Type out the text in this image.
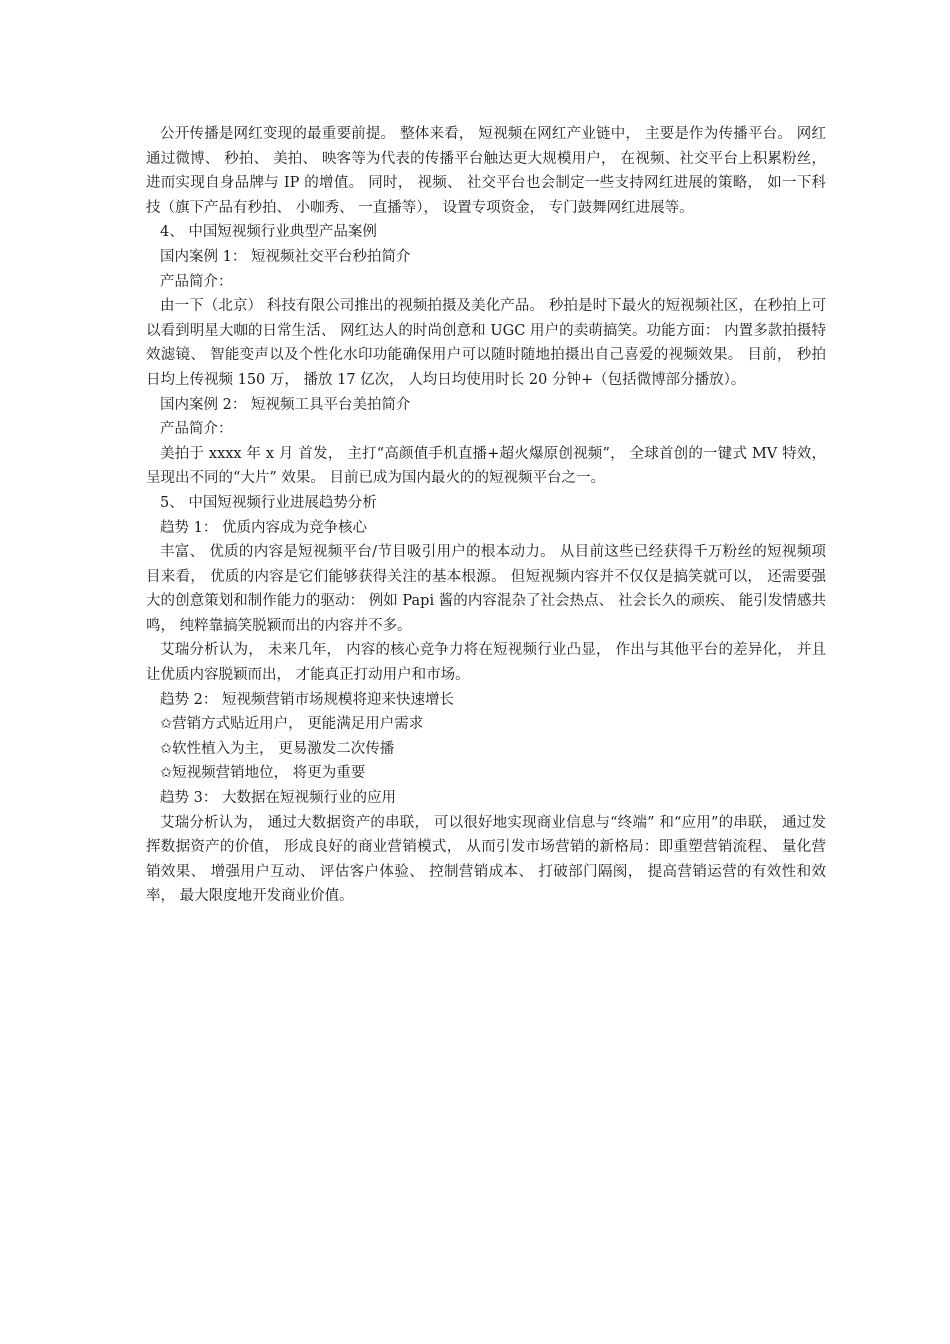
公开传播是网红变现的最重要前提。 整体来看， 短视频在网红产业链中， 主要是作为传播平台。 网红通过微博、 秒拍、 美拍、 映客等为代表的传播平台触达更大规模用户， 在视频、社交平台上积累粉丝， 进而实现自身品牌与 IP 的增值。 同时， 视频、 社交平台也会制定一些支持网红进展的策略， 如一下科技（旗下产品有秒拍、 小咖秀、 一直播等）， 设置专项资金， 专门鼓舞网红进展等。

4、 中国短视频行业典型产品案例

国内案例 1： 短视频社交平台秒拍简介

产品简介：

由一下（北京） 科技有限公司推出的视频拍摄及美化产品。 秒拍是时下最火的短视频社区，在秒拍上可以看到明星大咖的日常生活、 网红达人的时尚创意和 UGC 用户的卖萌搞笑。功能方面： 内置多款拍摄特效滤镜、 智能变声以及个性化水印功能确保用户可以随时随地拍摄出自己喜爱的视频效果。 目前， 秒拍日均上传视频 150 万， 播放 17 亿次， 人均日均使用时长 20 分钟+（包括微博部分播放）。

国内案例 2： 短视频工具平台美拍简介

产品简介：

美拍于 xxxx 年 x 月 首发， 主打“高颜值手机直播+超火爆原创视频”， 全球首创的一键式 MV 特效， 呈现出不同的“大片” 效果。 目前已成为国内最火的的短视频平台之一。

5、 中国短视频行业进展趋势分析

趋势 1： 优质内容成为竞争核心

丰富、 优质的内容是短视频平台/节目吸引用户的根本动力。 从目前这些已经获得千万粉丝的短视频项目来看， 优质的内容是它们能够获得关注的基本根源。 但短视频内容并不仅仅是搞笑就可以， 还需要强大的创意策划和制作能力的驱动： 例如 Papi 酱的内容混杂了社会热点、 社会长久的顽疾、 能引发情感共鸣， 纯粹靠搞笑脱颖而出的内容并不多。

艾瑞分析认为， 未来几年， 内容的核心竞争力将在短视频行业凸显， 作出与其他平台的差异化， 并且让优质内容脱颖而出， 才能真正打动用户和市场。

趋势 2： 短视频营销市场规模将迎来快速增长

✩营销方式贴近用户， 更能满足用户需求

✩软性植入为主， 更易激发二次传播

✩短视频营销地位， 将更为重要

趋势 3： 大数据在短视频行业的应用

艾瑞分析认为， 通过大数据资产的串联， 可以很好地实现商业信息与“终端” 和“应用”的串联， 通过发挥数据资产的价值， 形成良好的商业营销模式， 从而引发市场营销的新格局：即重塑营销流程、 量化营销效果、 增强用户互动、 评估客户体验、 控制营销成本、 打破部门隔阂， 提高营销运营的有效性和效率， 最大限度地开发商业价值。
